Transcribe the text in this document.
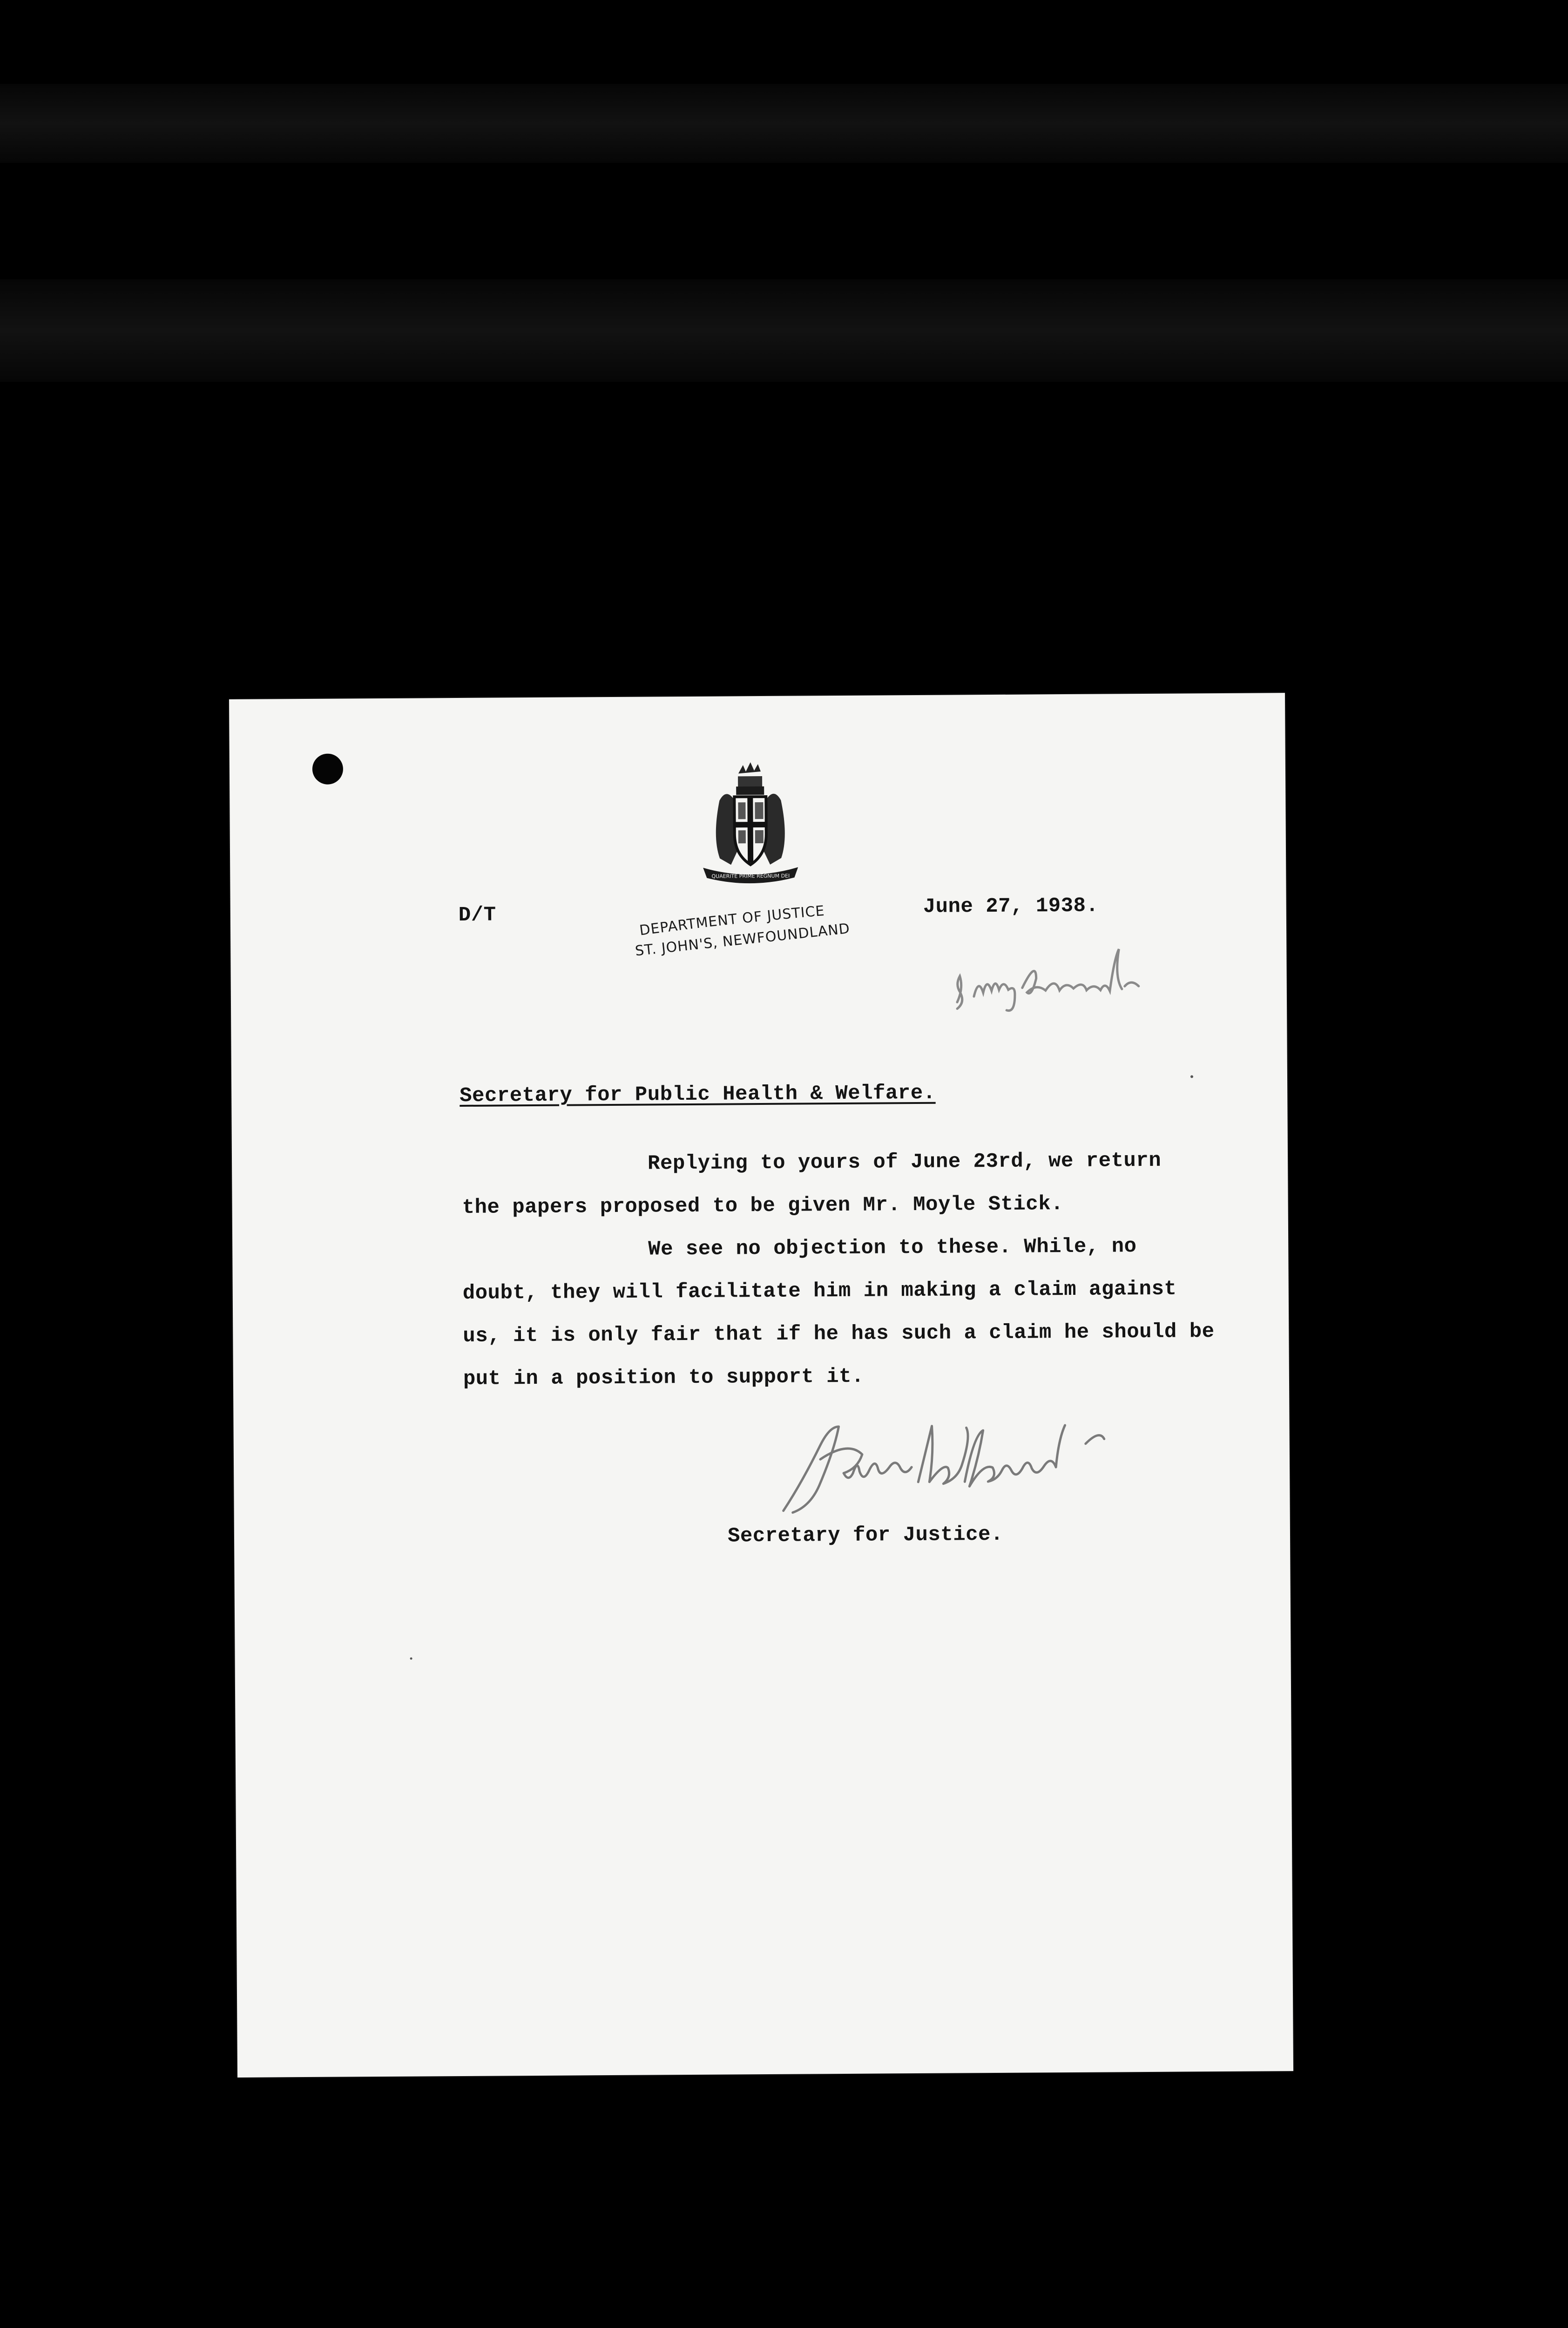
QUAERITE PRIME REGNUM DEI
DEPARTMENT OF JUSTICE
ST. JOHN'S, NEWFOUNDLAND
D/T	June 27, 1938.
Secretary for Public Health & Welfare.
Replying to yours of June 23rd, we return
the papers proposed to be given Mr. Moyle Stick.
We see no objection to these. While, no
doubt, they will facilitate him in making a claim against
us, it is only fair that if he has such a claim he should be
put in a position to support it.
Secretary for Justice.
